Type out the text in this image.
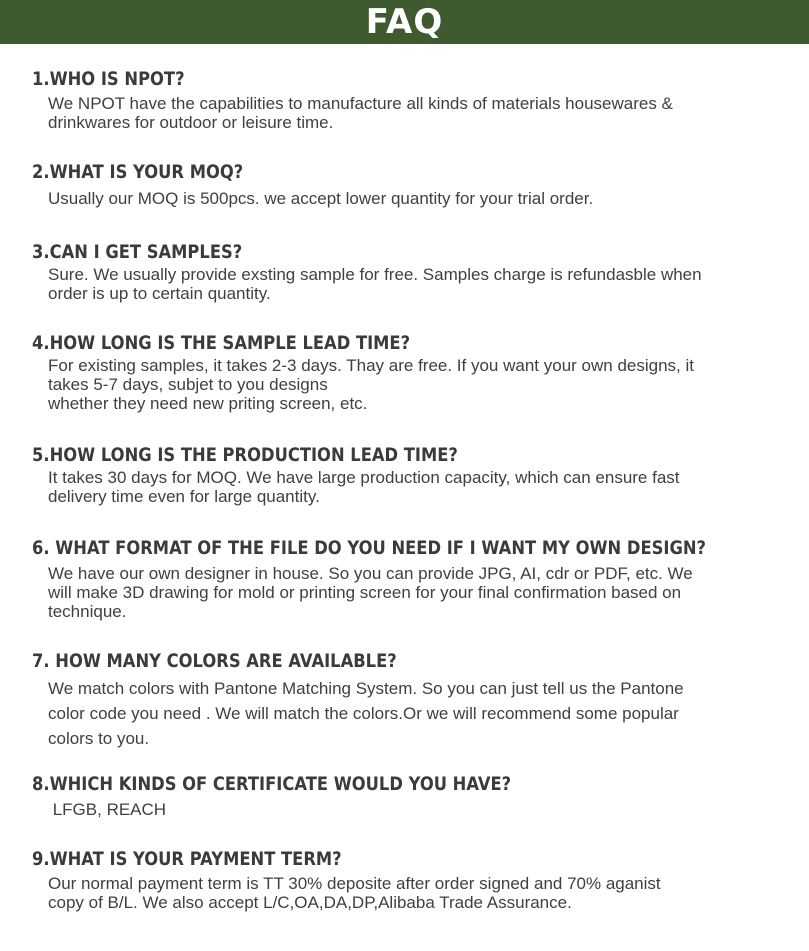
FAQ
1.WHO IS NPOT?
We NPOT have the capabilities to manufacture all kinds of materials housewares &
drinkwares for outdoor or leisure time.
2.WHAT IS YOUR MOQ?
Usually our MOQ is 500pcs. we accept lower quantity for your trial order.
3.CAN I GET SAMPLES?
Sure. We usually provide exsting sample for free. Samples charge is refundasble when
order is up to certain quantity.
4.HOW LONG IS THE SAMPLE LEAD TIME?
For existing samples, it takes 2-3 days. Thay are free. If you want your own designs, it
takes 5-7 days, subjet to you designs
whether they need new priting screen, etc.
5.HOW LONG IS THE PRODUCTION LEAD TIME?
It takes 30 days for MOQ. We have large production capacity, which can ensure fast
delivery time even for large quantity.
6. WHAT FORMAT OF THE FILE DO YOU NEED IF I WANT MY OWN DESIGN?
We have our own designer in house. So you can provide JPG, AI, cdr or PDF, etc. We
will make 3D drawing for mold or printing screen for your final confirmation based on
technique.
7. HOW MANY COLORS ARE AVAILABLE?
We match colors with Pantone Matching System. So you can just tell us the Pantone
color code you need . We will match the colors.Or we will recommend some popular
colors to you.
8.WHICH KINDS OF CERTIFICATE WOULD YOU HAVE?
LFGB, REACH
9.WHAT IS YOUR PAYMENT TERM?
Our normal payment term is TT 30% deposite after order signed and 70% aganist
copy of B/L. We also accept L/C,OA,DA,DP,Alibaba Trade Assurance.
